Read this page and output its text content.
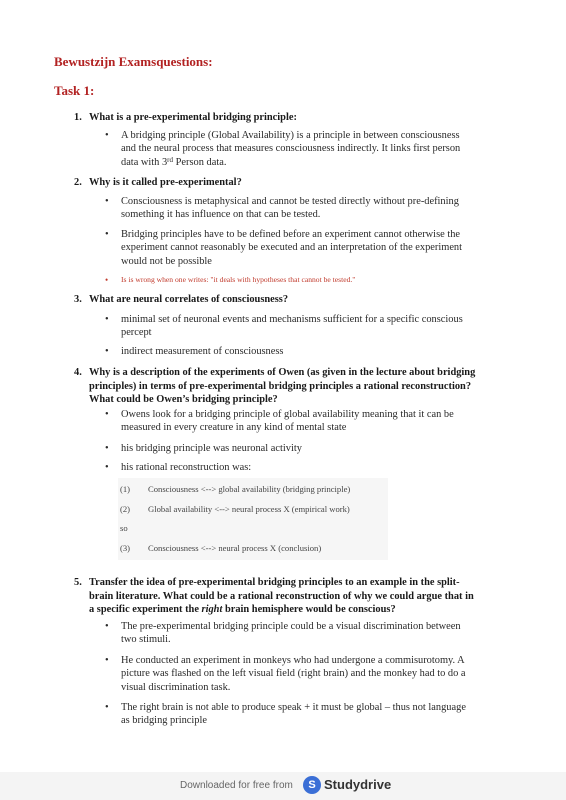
Bewustzijn Examsquestions:
Task 1:
1. What is a pre-experimental bridging principle:
• A bridging principle (Global Availability) is a principle in between consciousness
and the neural process that measures consciousness indirectly. It links first person
data with 3rd Person data.
2. Why is it called pre-experimental?
• Consciousness is metaphysical and cannot be tested directly without pre-defining
something it has influence on that can be tested.
• Bridging principles have to be defined before an experiment cannot otherwise the
experiment cannot reasonably be executed and an interpretation of the experiment
would not be possible
• Is is wrong when one writes: "it deals with hypotheses that cannot be tested."
3. What are neural correlates of consciousness?
• minimal set of neuronal events and mechanisms sufficient for a specific conscious
percept
• indirect measurement of consciousness
4. Why is a description of the experiments of Owen (as given in the lecture about bridging
principles) in terms of pre-experimental bridging principles a rational reconstruction?
What could be Owen’s bridging principle?
• Owens look for a bridging principle of global availability meaning that it can be
measured in every creature in any kind of mental state
• his bridging principle was neuronal activity
• his rational reconstruction was:
(1) Consciousness <--> global availability (bridging principle)
(2) Global availability <--> neural process X (empirical work)
so
(3) Consciousness <--> neural process X (conclusion)
5. Transfer the idea of pre-experimental bridging principles to an example in the split-
brain literature. What could be a rational reconstruction of why we could argue that in
a specific experiment the right brain hemisphere would be conscious?
• The pre-experimental bridging principle could be a visual discrimination between
two stimuli.
• He conducted an experiment in monkeys who had undergone a commisurotomy. A
picture was flashed on the left visual field (right brain) and the monkey had to do a
visual discrimination task.
• The right brain is not able to produce speak + it must be global – thus not language
as bridging principle
Downloaded for free from	S Studydrive
